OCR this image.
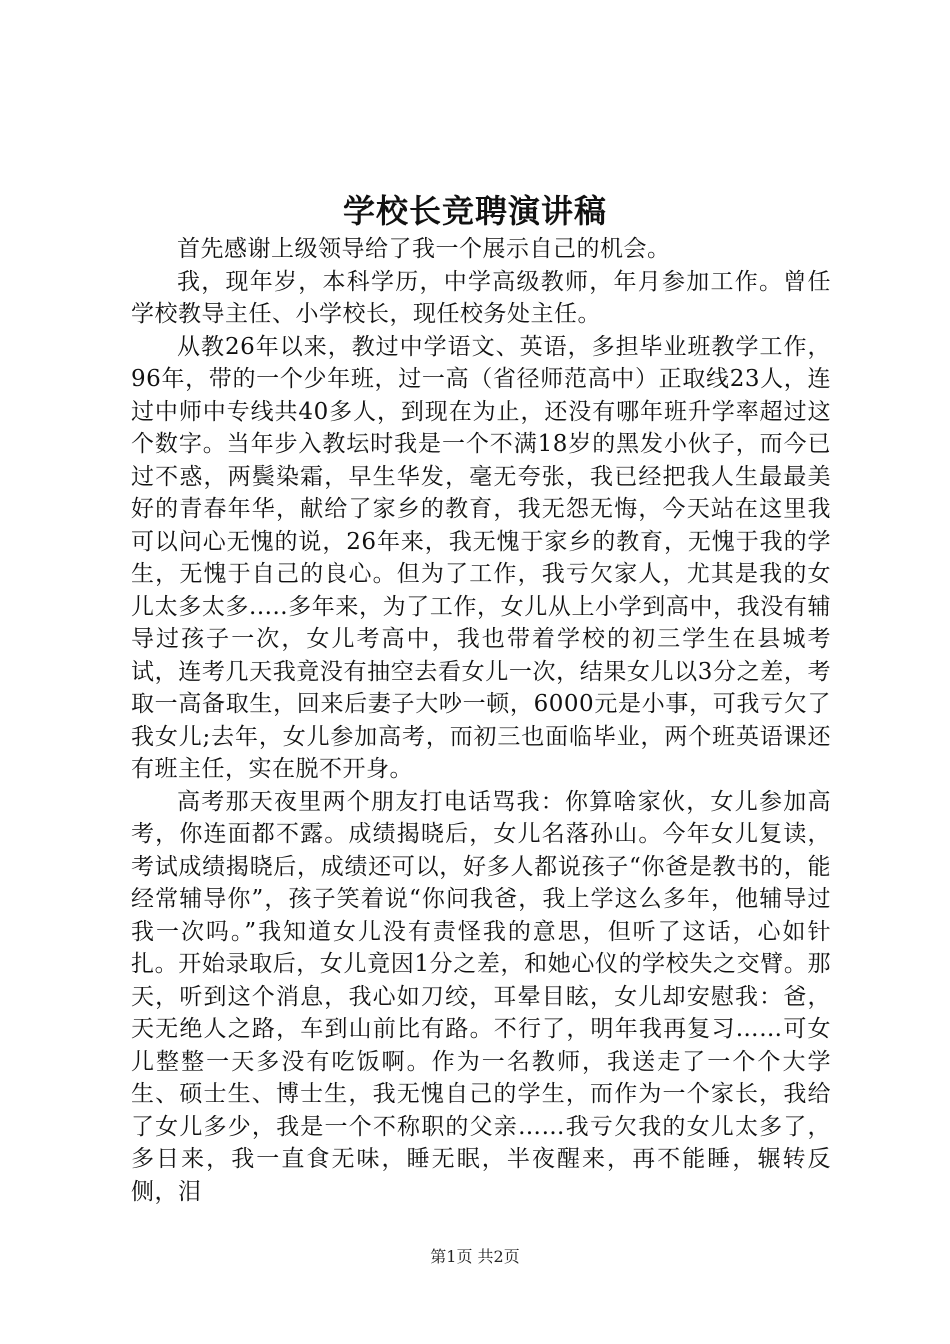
学校长竞聘演讲稿

首先感谢上级领导给了我一个展示自己的机会。

我，现年岁，本科学历，中学高级教师，年月参加工作。曾任学校教导主任、小学校长，现任校务处主任。

从教26年以来，教过中学语文、英语，多担毕业班教学工作，96年，带的一个少年班，过一高（省径师范高中）正取线23人，连过中师中专线共40多人，到现在为止，还没有哪年班升学率超过这个数字。当年步入教坛时我是一个不满18岁的黑发小伙子，而今已过不惑，两鬓染霜，早生华发，毫无夸张，我已经把我人生最最美好的青春年华，献给了家乡的教育，我无怨无悔，今天站在这里我可以问心无愧的说，26年来，我无愧于家乡的教育，无愧于我的学生，无愧于自己的良心。但为了工作，我亏欠家人，尤其是我的女儿太多太多.....多年来，为了工作，女儿从上小学到高中，我没有辅导过孩子一次，女儿考高中，我也带着学校的初三学生在县城考试，连考几天我竟没有抽空去看女儿一次，结果女儿以3分之差，考取一高备取生，回来后妻子大吵一顿，6000元是小事，可我亏欠了我女儿;去年，女儿参加高考，而初三也面临毕业，两个班英语课还有班主任，实在脱不开身。

高考那天夜里两个朋友打电话骂我：你算啥家伙，女儿参加高考，你连面都不露。成绩揭晓后，女儿名落孙山。今年女儿复读，考试成绩揭晓后，成绩还可以，好多人都说孩子“你爸是教书的，能经常辅导你”，孩子笑着说“你问我爸，我上学这么多年，他辅导过我一次吗。”我知道女儿没有责怪我的意思，但听了这话，心如针扎。开始录取后，女儿竟因1分之差，和她心仪的学校失之交臂。那天，听到这个消息，我心如刀绞，耳晕目眩，女儿却安慰我：爸，天无绝人之路，车到山前比有路。不行了，明年我再复习……可女儿整整一天多没有吃饭啊。作为一名教师，我送走了一个个大学生、硕士生、博士生，我无愧自己的学生，而作为一个家长，我给了女儿多少，我是一个不称职的父亲……我亏欠我的女儿太多了，多日来，我一直食无味，睡无眠，半夜醒来，再不能睡，辗转反侧，泪

第1页 共2页
